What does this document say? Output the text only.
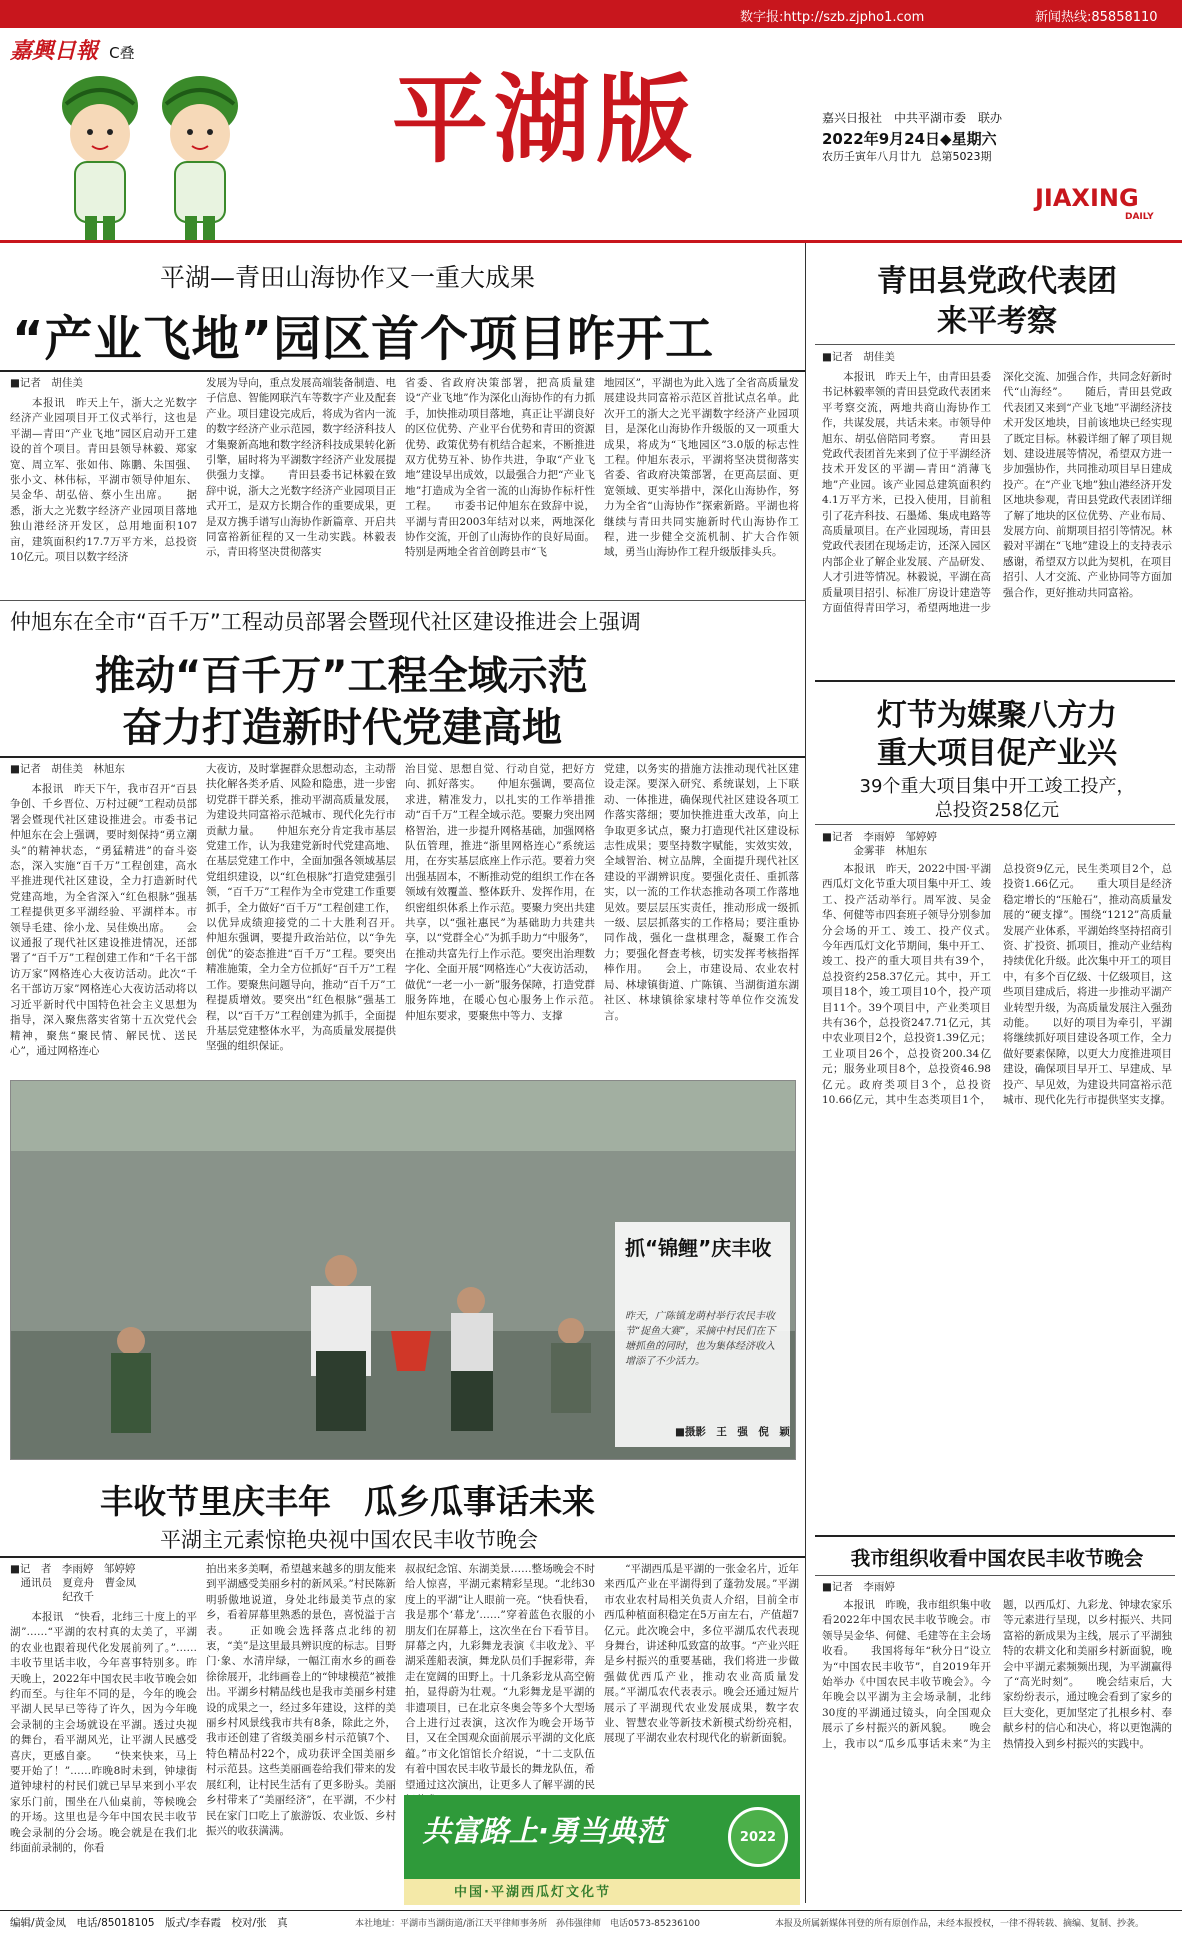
数字报:http://szb.zjpho1.com	新闻热线:85858110
嘉興日報 C叠
平湖版	嘉兴日报社　中共平湖市委　联办
2022年9月24日◆星期六
农历壬寅年八月廿九 总第5023期
JIAXING
DAILY
平湖—青田山海协作又一重大成果
“产业飞地”园区首个项目昨开工
■记者　胡佳美
　　本报讯　昨天上午，浙大之光数字经济产业园项目开工仪式举行，这也是平湖—青田“产业飞地”园区启动开工建设的首个项目。青田县领导林毅、郑家宽、周立军、张如伟、陈鹏、朱国强、张小文、林伟标，平湖市领导仲旭东、吴金华、胡弘倍、蔡小生出席。　　据悉，浙大之光数字经济产业园项目落地独山港经济开发区，总用地面积107亩，建筑面积约17.7万平方米，总投资10亿元。项目以数字经济
发展为导向，重点发展高端装备制造、电子信息、智能网联汽车等数字产业及配套产业。项目建设完成后，将成为省内一流的数字经济产业示范园，数字经济科技人才集聚新高地和数字经济科技成果转化新引擎，届时将为平湖数字经济产业发展提供强力支撑。　　青田县委书记林毅在致辞中说，浙大之光数字经济产业园项目正式开工，是双方长期合作的重要成果，更是双方携手谱写山海协作新篇章、开启共同富裕新征程的又一生动实践。林毅表示，青田将坚决贯彻落实
省委、省政府决策部署，把高质量建设“产业飞地”作为深化山海协作的有力抓手，加快推动项目落地，真正让平湖良好的区位优势、产业平台优势和青田的资源优势、政策优势有机结合起来，不断推进双方优势互补、协作共进，争取“产业飞地”建设早出成效，以最强合力把“产业飞地”打造成为全省一流的山海协作标杆性工程。　　市委书记仲旭东在致辞中说，平湖与青田2003年结对以来，两地深化协作交流，开创了山海协作的良好局面。特别是两地全省首创跨县市“飞
地园区”，平湖也为此入选了全省高质量发展建设共同富裕示范区首批试点名单。此次开工的浙大之光平湖数字经济产业园项目，是深化山海协作升级版的又一项重大成果，将成为“飞地园区”3.0版的标志性工程。仲旭东表示，平湖将坚决贯彻落实省委、省政府决策部署，在更高层面、更宽领域、更实举措中，深化山海协作，努力为全省“山海协作”探索新路。平湖也将继续与青田共同实施新时代山海协作工程，进一步健全交流机制、扩大合作领域，勇当山海协作工程升级版排头兵。
仲旭东在全市“百千万”工程动员部署会暨现代社区建设推进会上强调
推动“百千万”工程全域示范
奋力打造新时代党建高地
■记者　胡佳美　林旭东
　　本报讯　昨天下午，我市召开“百县争创、千乡晋位、万村过硬”工程动员部署会暨现代社区建设推进会。市委书记仲旭东在会上强调，要时刻保持“勇立潮头”的精神状态，“勇猛精进”的奋斗姿态，深入实施“百千万”工程创建，高水平推进现代社区建设，全力打造新时代党建高地，为全省深入“红色根脉”强基工程提供更多平湖经验、平湖样本。市领导毛建、徐小龙、吴佳焕出席。　　会议通报了现代社区建设推进情况，还部署了“百千万”工程创建工作和“千名干部访万家”网格连心大夜访活动。此次“千名干部访万家”网格连心大夜访活动将以习近平新时代中国特色社会主义思想为指导，深入聚焦落实省第十五次党代会精神，聚焦“聚民情、解民忧、送民心”，通过网格连心
大夜访，及时掌握群众思想动态，主动帮扶化解各类矛盾、风险和隐患，进一步密切党群干群关系，推动平湖高质量发展，为建设共同富裕示范城市、现代化先行市贡献力量。　　仲旭东充分肯定我市基层党建工作，认为我建党新时代党建高地、在基层党建工作中，全面加强各领域基层党组织建设，以“红色根脉”打造党建强引领，“百千万”工程作为全市党建工作重要抓手，全力做好“百千万”工程创建工作，以优异成绩迎接党的二十大胜利召开。　　仲旭东强调，要提升政治站位，以“争先创优”的姿态推进“百千万”工程。要突出精准施策，全力全方位抓好“百千万”工程工作。要聚焦问题导向，推动“百千万”工程提质增效。要突出“红色根脉”强基工程，以“百千万”工程创建为抓手，全面提升基层党建整体水平，为高质量发展提供坚强的组织保证。
治目觉、思想自觉、行动自觉，把好方向、抓好落实。　　仲旭东强调，要高位求进，精准发力，以扎实的工作举措推动“百千万”工程全域示范。要聚力突出网格智治，进一步提升网格基础，加强网格队伍管理，推进“浙里网格连心”系统运用，在夯实基层底座上作示范。要着力突出强基固本，不断推动党的组织工作在各领域有效覆盖、整体跃升、发挥作用，在织密组织体系上作示范。要聚力突出共建共享，以“强社惠民”为基础助力共建共享，以“党群全心”为抓手助力“中服务”，在推动共富先行上作示范。要突出治理数字化、全面开展“网格连心”大夜访活动，做优“一老一小一新”服务保障，打造党群服务阵地，在暖心包心服务上作示范。　　仲旭东要求，要聚焦中等力、支撑
党建，以务实的措施方法推动现代社区建设走深。要深入研究、系统谋划，上下联动、一体推进，确保现代社区建设各项工作落实落细；要加快推进重大改革，向上争取更多试点，聚力打造现代社区建设标志性成果；要坚持数字赋能，实效实效，全域智治、树立品牌，全面提升现代社区建设的平湖辨识度。要强化责任、重抓落实，以一流的工作状态推动各项工作落地见效。要层层压实责任，推动形成一级抓一级、层层抓落实的工作格局；要注重协同作战，强化一盘棋理念，凝聚工作合力；要强化督查考核，切实发挥考核指挥棒作用。　　会上，市建设局、农业农村局、林埭镇街道、广陈镇、当湖街道东湖社区、林埭镇徐家埭村等单位作交流发言。
抓“锦鲤”庆丰收
昨天，广陈镇龙萌村举行农民丰收节“捉鱼大赛”，采摘中村民们在下塘抓鱼的同时，也为集体经济收入增添了不少活力。
■摄影　王　强　倪　颖
丰收节里庆丰年　瓜乡瓜事话未来
平湖主元素惊艳央视中国农民丰收节晚会
■记　者　李雨婷　邹婷婷
　通讯员　夏竟舟　曹金凤
　　　　　纪孜千
　　本报讯　“快看，北纬三十度上的平湖”……“平湖的农村真的太美了，平湖的农业也跟着现代化发展前列了。”……丰收节里话丰收，今年喜事特别多。昨天晚上，2022年中国农民丰收节晚会如约而至。与往年不同的是，今年的晚会平湖人民早已等待了许久，因为今年晚会录制的主会场就设在平湖。透过央视的舞台，看平湖风光，让平湖人民感受喜庆，更感自豪。　　“快来快来，马上要开始了！”……昨晚8时未到，钟埭街道钟埭村的村民们就已早早来到小平农家乐门前，围坐在八仙桌前，等候晚会的开场。这里也是今年中国农民丰收节晚会录制的分会场。晚会就是在我们北纬面前录制的，你看
拍出来多美啊，希望越来越多的朋友能来到平湖感受美丽乡村的新风采。”村民陈新明骄傲地说道，身处北纬最美节点的家乡，看着屏幕里熟悉的景色，喜悦溢于言表。　　正如晚会选择落点北纬的初衷，“美”是这里最具辨识度的标志。目野门·象、水清岸绿，一幅江南水乡的画卷徐徐展开，北纬画卷上的“钟埭模范”被推出。平湖乡村精品线也是我市美丽乡村建设的成果之一，经过多年建设，这样的美丽乡村风景线我市共有8条，除此之外，我市还创建了省级美丽乡村示范镇7个、特色精品村22个，成功获评全国美丽乡村示范县。这些美丽画卷给我们带来的发展红利，让村民生活有了更多盼头。美丽乡村带来了“美丽经济”，在平湖，不少村民在家门口吃上了旅游饭、农业饭、乡村振兴的收获满满。
叔叔纪念馆、东湖美景……整场晚会不时给人惊喜，平湖元素精彩呈现。“北纬30度上的平湖”让人眼前一亮。“快看快看，我是那个‘幕龙’……”穿着蓝色衣服的小朋友们在屏幕上，这次坐在台下看节目。屏幕之内，九彩舞龙表演《丰收龙》、平湖采莲船表演，舞龙队员们手握彩带，奔走在宽阔的田野上。十几条彩龙从高空俯拍，显得蔚为壮观。“九彩舞龙是平湖的非遗项目，已在北京冬奥会等多个大型场合上进行过表演，这次作为晚会开场节目，又在全国观众面前展示平湖的文化底蕴。”市文化馆馆长介绍说，“十二支队伍有着中国农民丰收节最长的舞龙队伍，希望通过这次演出，让更多人了解平湖的民
　　“平湖西瓜是平湖的一张金名片，近年来西瓜产业在平湖得到了蓬勃发展。”平湖市农业农村局相关负责人介绍，目前全市西瓜种植面积稳定在5万亩左右，产值超7亿元。此次晚会中，多位平湖瓜农代表现身舞台，讲述种瓜致富的故事。“产业兴旺是乡村振兴的重要基础，我们将进一步做强做优西瓜产业，推动农业高质量发展。”平湖瓜农代表表示。晚会还通过短片展示了平湖现代农业发展成果，数字农业、智慧农业等新技术新模式纷纷亮相，展现了平湖农业农村现代化的崭新面貌。
共富路上·勇当典范
中国·平湖西瓜灯文化节
2022
青田县党政代表团
来平考察
■记者　胡佳美
　　本报讯　昨天上午，由青田县委书记林毅率领的青田县党政代表团来平考察交流，两地共商山海协作工作，共谋发展，共话未来。市领导仲旭东、胡弘倍陪同考察。　　青田县党政代表团首先来到了位于平湖经济技术开发区的平湖—青田“消薄飞地”产业园。该产业园总建筑面积约4.1万平方米，已投入使用，目前租引了花卉科技、石墨烯、集成电路等高质量项目。在产业园现场，青田县党政代表团在现场走访，还深入园区内部企业了解企业发展、产品研发、人才引进等情况。林毅说，平湖在高质量项目招引、标准厂房设计建造等方面值得青田学习，希望两地进一步深化交流、加强合作，共同念好新时代“山海经”。　　随后，青田县党政代表团又来到“产业飞地”平湖经济技术开发区地块，目前该地块已经实现了既定目标。林毅详细了解了项目规划、建设进展等情况，希望双方进一步加强协作，共同推动项目早日建成投产。在“产业飞地”独山港经济开发区地块参观，青田县党政代表团详细了解了地块的区位优势、产业布局、发展方向、前期项目招引等情况。林毅对平湖在“飞地”建设上的支持表示感谢，希望双方以此为契机，在项目招引、人才交流、产业协同等方面加强合作，更好推动共同富裕。
灯节为媒聚八方力
重大项目促产业兴
39个重大项目集中开工竣工投产，
总投资258亿元
■记者　李雨婷　邹婷婷
　　　金雾菲　林旭东
　　本报讯　昨天，2022中国·平湖西瓜灯文化节重大项目集中开工、竣工、投产活动举行。周军波、吴金华、何健等市四套班子领导分别参加分会场的开工、竣工、投产仪式。　　今年西瓜灯文化节期间，集中开工、竣工、投产的重大项目共有39个，总投资约258.37亿元。其中，开工项目18个，竣工项目10个，投产项目11个。39个项目中，产业类项目共有36个，总投资247.71亿元，其中农业项目2个，总投资1.39亿元；工业项目26个，总投资200.34亿元；服务业项目8个，总投资46.98亿元。政府类项目3个，总投资10.66亿元，其中生态类项目1个，总投资9亿元，民生类项目2个，总投资1.66亿元。　　重大项目是经济稳定增长的“压舱石”，推动高质量发展的“硬支撑”。围绕“1212”高质量发展产业体系，平湖始终坚持招商引资、扩投资、抓项目，推动产业结构持续优化升级。此次集中开工的项目中，有多个百亿级、十亿级项目，这些项目建成后，将进一步推动平湖产业转型升级，为高质量发展注入强劲动能。　　以好的项目为牵引，平湖将继续抓好项目建设各项工作，全力做好要素保障，以更大力度推进项目建设，确保项目早开工、早建成、早投产、早见效，为建设共同富裕示范城市、现代化先行市提供坚实支撑。
我市组织收看中国农民丰收节晚会
■记者　李雨婷
　　本报讯　昨晚，我市组织集中收看2022年中国农民丰收节晚会。市领导吴金华、何健、毛建等在主会场收看。　　我国将每年“秋分日”设立为“中国农民丰收节”，自2019年开始举办《中国农民丰收节晚会》。今年晚会以平湖为主会场录制，北纬30度的平湖通过镜头，向全国观众展示了乡村振兴的新风貌。　　晚会上，我市以“瓜乡瓜事话未来”为主题，以西瓜灯、九彩龙、钟埭农家乐等元素进行呈现，以乡村振兴、共同富裕的新成果为主线，展示了平湖独特的农耕文化和美丽乡村新面貌，晚会中平湖元素频频出现，为平湖赢得了“高光时刻”。　　晚会结束后，大家纷纷表示，通过晚会看到了家乡的巨大变化，更加坚定了扎根乡村、奉献乡村的信心和决心，将以更饱满的热情投入到乡村振兴的实践中。
编辑/黄金凤　电话/85018105　版式/李春霞　校对/张　真	本社地址：平湖市当湖街道/浙江天平律师事务所　孙伟强律师　电话0573-85236100	本报及所属新媒体刊登的所有原创作品，未经本报授权，一律不得转载、摘编、复制、抄袭。
